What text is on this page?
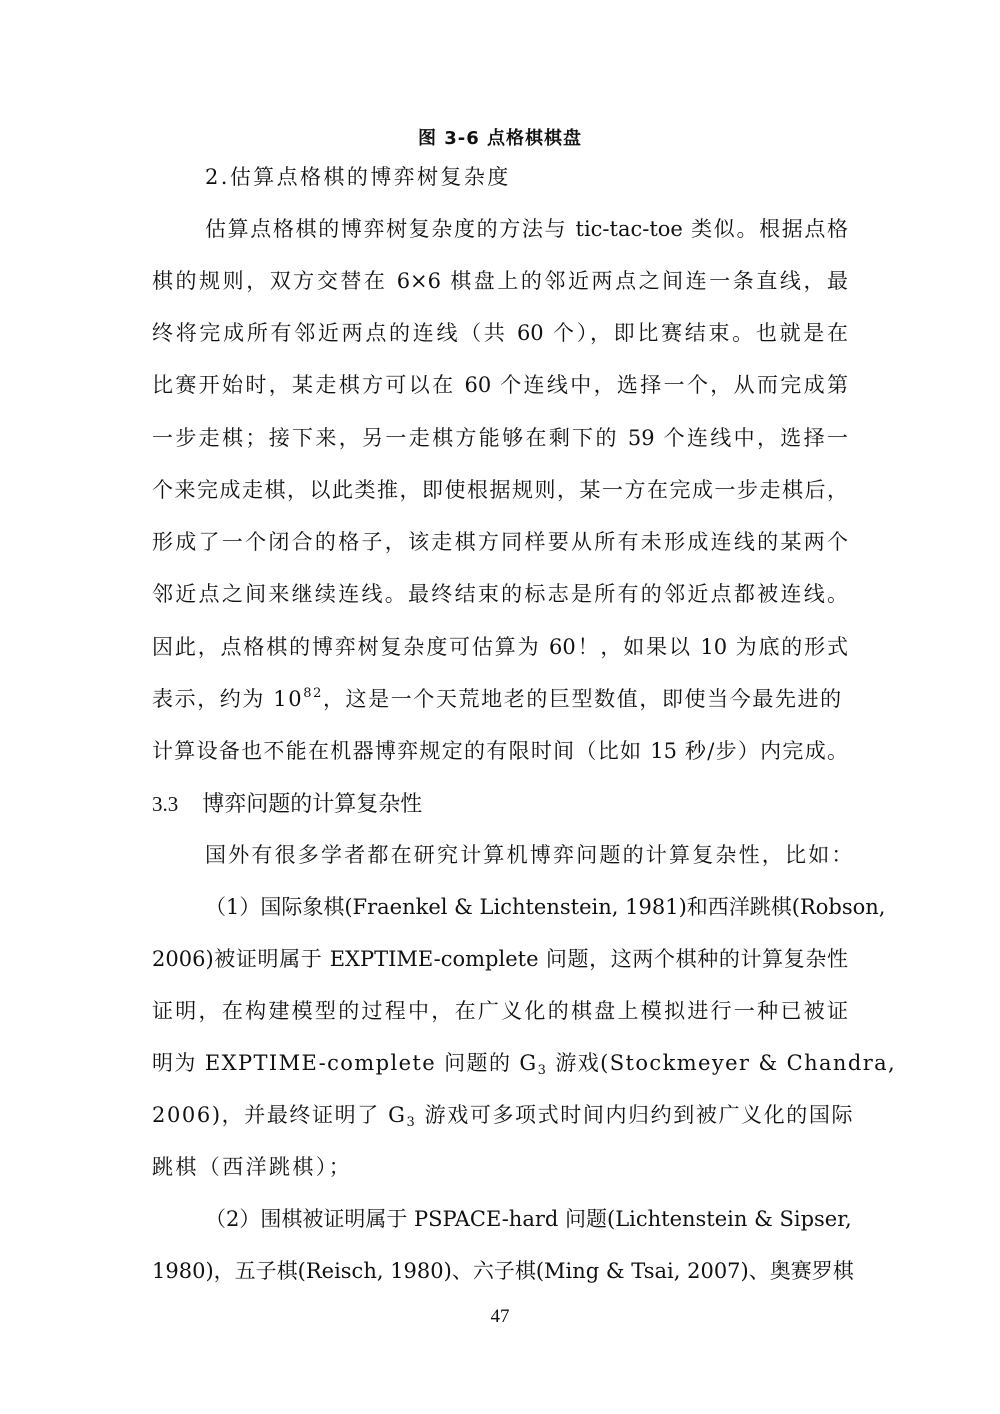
图 3-6 点格棋棋盘
2.估算点格棋的博弈树复杂度
估算点格棋的博弈树复杂度的方法与 tic-tac-toe 类似。根据点格
棋的规则，双方交替在 6×6 棋盘上的邻近两点之间连一条直线，最
终将完成所有邻近两点的连线（共 60 个），即比赛结束。也就是在
比赛开始时，某走棋方可以在 60 个连线中，选择一个，从而完成第
一步走棋；接下来，另一走棋方能够在剩下的 59 个连线中，选择一
个来完成走棋，以此类推，即使根据规则，某一方在完成一步走棋后，
形成了一个闭合的格子，该走棋方同样要从所有未形成连线的某两个
邻近点之间来继续连线。最终结束的标志是所有的邻近点都被连线。
因此，点格棋的博弈树复杂度可估算为 60！，如果以 10 为底的形式
表示，约为 $10^{82}$，这是一个天荒地老的巨型数值，即使当今最先进的
计算设备也不能在机器博弈规定的有限时间（比如 15 秒/步）内完成。
3.3 博弈问题的计算复杂性
国外有很多学者都在研究计算机博弈问题的计算复杂性，比如：
（1）国际象棋(Fraenkel & Lichtenstein, 1981)和西洋跳棋(Robson,
2006)被证明属于 EXPTIME-complete 问题，这两个棋种的计算复杂性
证明，在构建模型的过程中，在广义化的棋盘上模拟进行一种已被证
明为 EXPTIME-complete 问题的 $G_3$ 游戏(Stockmeyer & Chandra,
2006)，并最终证明了 $G_3$ 游戏可多项式时间内归约到被广义化的国际
跳棋（西洋跳棋）；
（2）围棋被证明属于 PSPACE-hard 问题(Lichtenstein & Sipser,
1980)，五子棋(Reisch, 1980)、六子棋(Ming & Tsai, 2007)、奥赛罗棋
47
